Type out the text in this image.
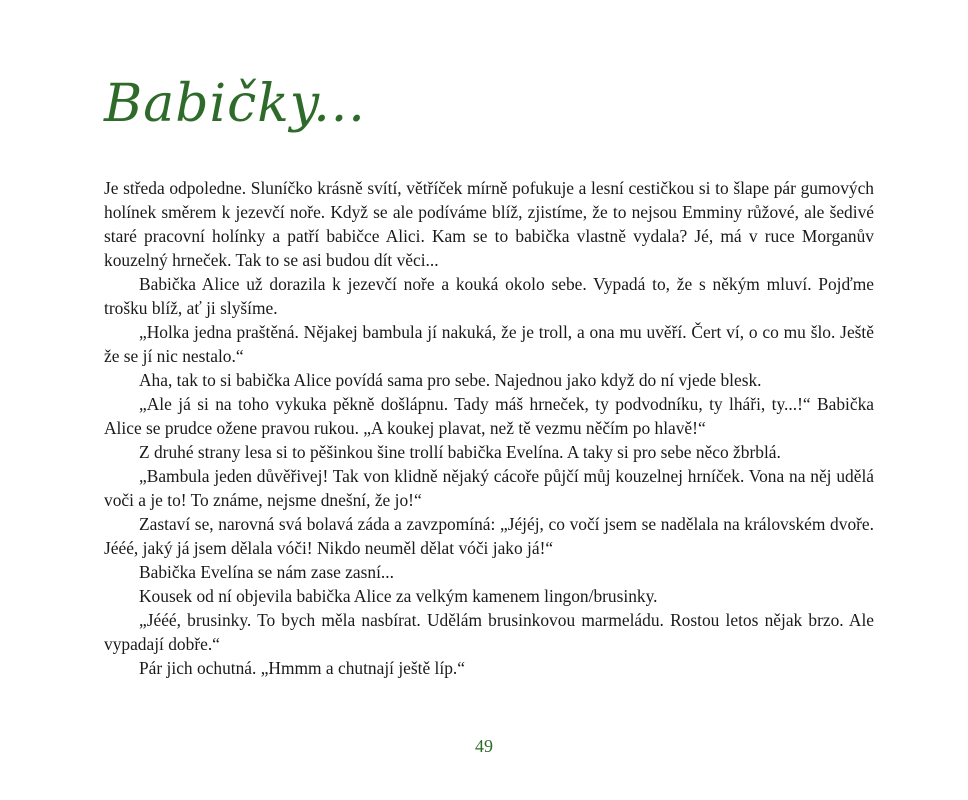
Babičky...

Je středa odpoledne. Sluníčko krásně svítí, větříček mírně pofukuje a lesní cestičkou si to šlape pár gumových holínek směrem k jezevčí noře. Když se ale podíváme blíž, zjistíme, že to nejsou Emminy růžové, ale šedivé staré pracovní holínky a patří babičce Alici. Kam se to babička vlastně vydala? Jé, má v ruce Morganův kouzelný hrneček. Tak to se asi budou dít věci...

Babička Alice už dorazila k jezevčí noře a kouká okolo sebe. Vypadá to, že s někým mluví. Pojďme trošku blíž, ať ji slyšíme.

„Holka jedna praštěná. Nějakej bambula jí nakuká, že je troll, a ona mu uvěří. Čert ví, o co mu šlo. Ještě že se jí nic nestalo.“

Aha, tak to si babička Alice povídá sama pro sebe. Najednou jako když do ní vjede blesk.

„Ale já si na toho vykuka pěkně došlápnu. Tady máš hrneček, ty podvodníku, ty lháři, ty...!“ Babička Alice se prudce ožene pravou rukou. „A koukej plavat, než tě vezmu něčím po hlavě!“

Z druhé strany lesa si to pěšinkou šine trollí babička Evelína. A taky si pro sebe něco žbrblá.

„Bambula jeden důvěřivej! Tak von klidně nějaký cácoře půjčí můj kouzelnej hrníček. Vona na něj udělá voči a je to! To známe, nejsme dnešní, že jo!“

Zastaví se, narovná svá bolavá záda a zavzpomíná: „Jéjéj, co vočí jsem se nadělala na královském dvoře. Jééé, jaký já jsem dělala vóči! Nikdo neuměl dělat vóči jako já!“

Babička Evelína se nám zase zasní...

Kousek od ní objevila babička Alice za velkým kamenem lingon/brusinky.

„Jééé, brusinky. To bych měla nasbírat. Udělám brusinkovou marmeládu. Rostou letos nějak brzo. Ale vypadají dobře.“

Pár jich ochutná. „Hmmm a chutnají ještě líp.“

49
